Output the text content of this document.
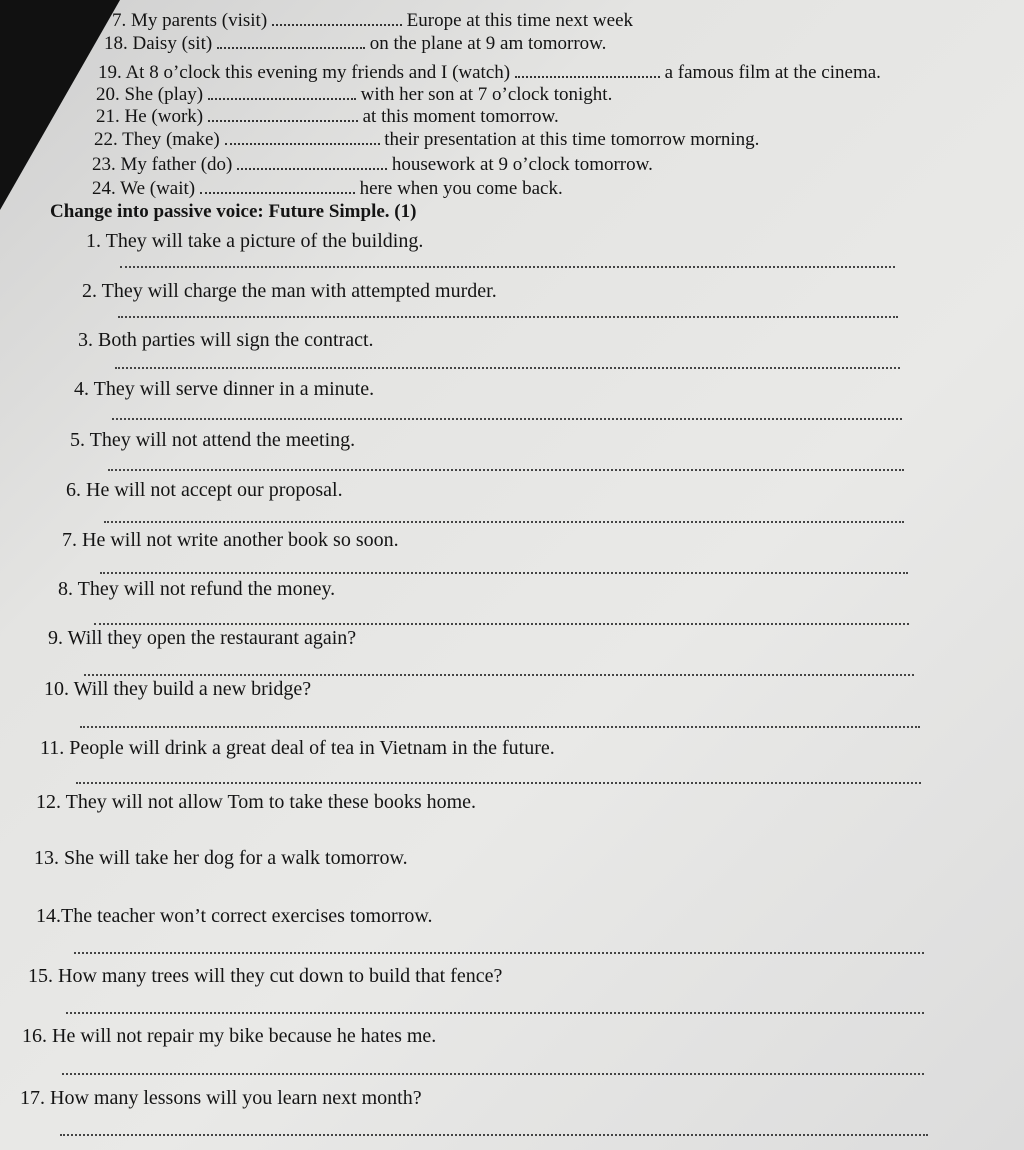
7. My parents (visit)	Europe at this time next week
18. Daisy (sit)	on the plane at 9 am tomorrow.
19. At 8 o’clock this evening my friends and I (watch)	a famous film at the cinema.
20. She (play)	with her son at 7 o’clock tonight.
21. He (work)	at this moment tomorrow.
22. They (make)	their presentation at this time tomorrow morning.
23. My father (do)	housework at 9 o’clock tomorrow.
24. We (wait)	here when you come back.
Change into passive voice: Future Simple. (1)
1. They will take a picture of the building.
2. They will charge the man with attempted murder.
3. Both parties will sign the contract.
4. They will serve dinner in a minute.
5. They will not attend the meeting.
6. He will not accept our proposal.
7. He will not write another book so soon.
8. They will not refund the money.
9. Will they open the restaurant again?
10. Will they build a new bridge?
11. People will drink a great deal of tea in Vietnam in the future.
12. They will not allow Tom to take these books home.
13. She will take her dog for a walk tomorrow.
14.The teacher won’t correct exercises tomorrow.
15. How many trees will they cut down to build that fence?
16. He will not repair my bike because he hates me.
17. How many lessons will you learn next month?
